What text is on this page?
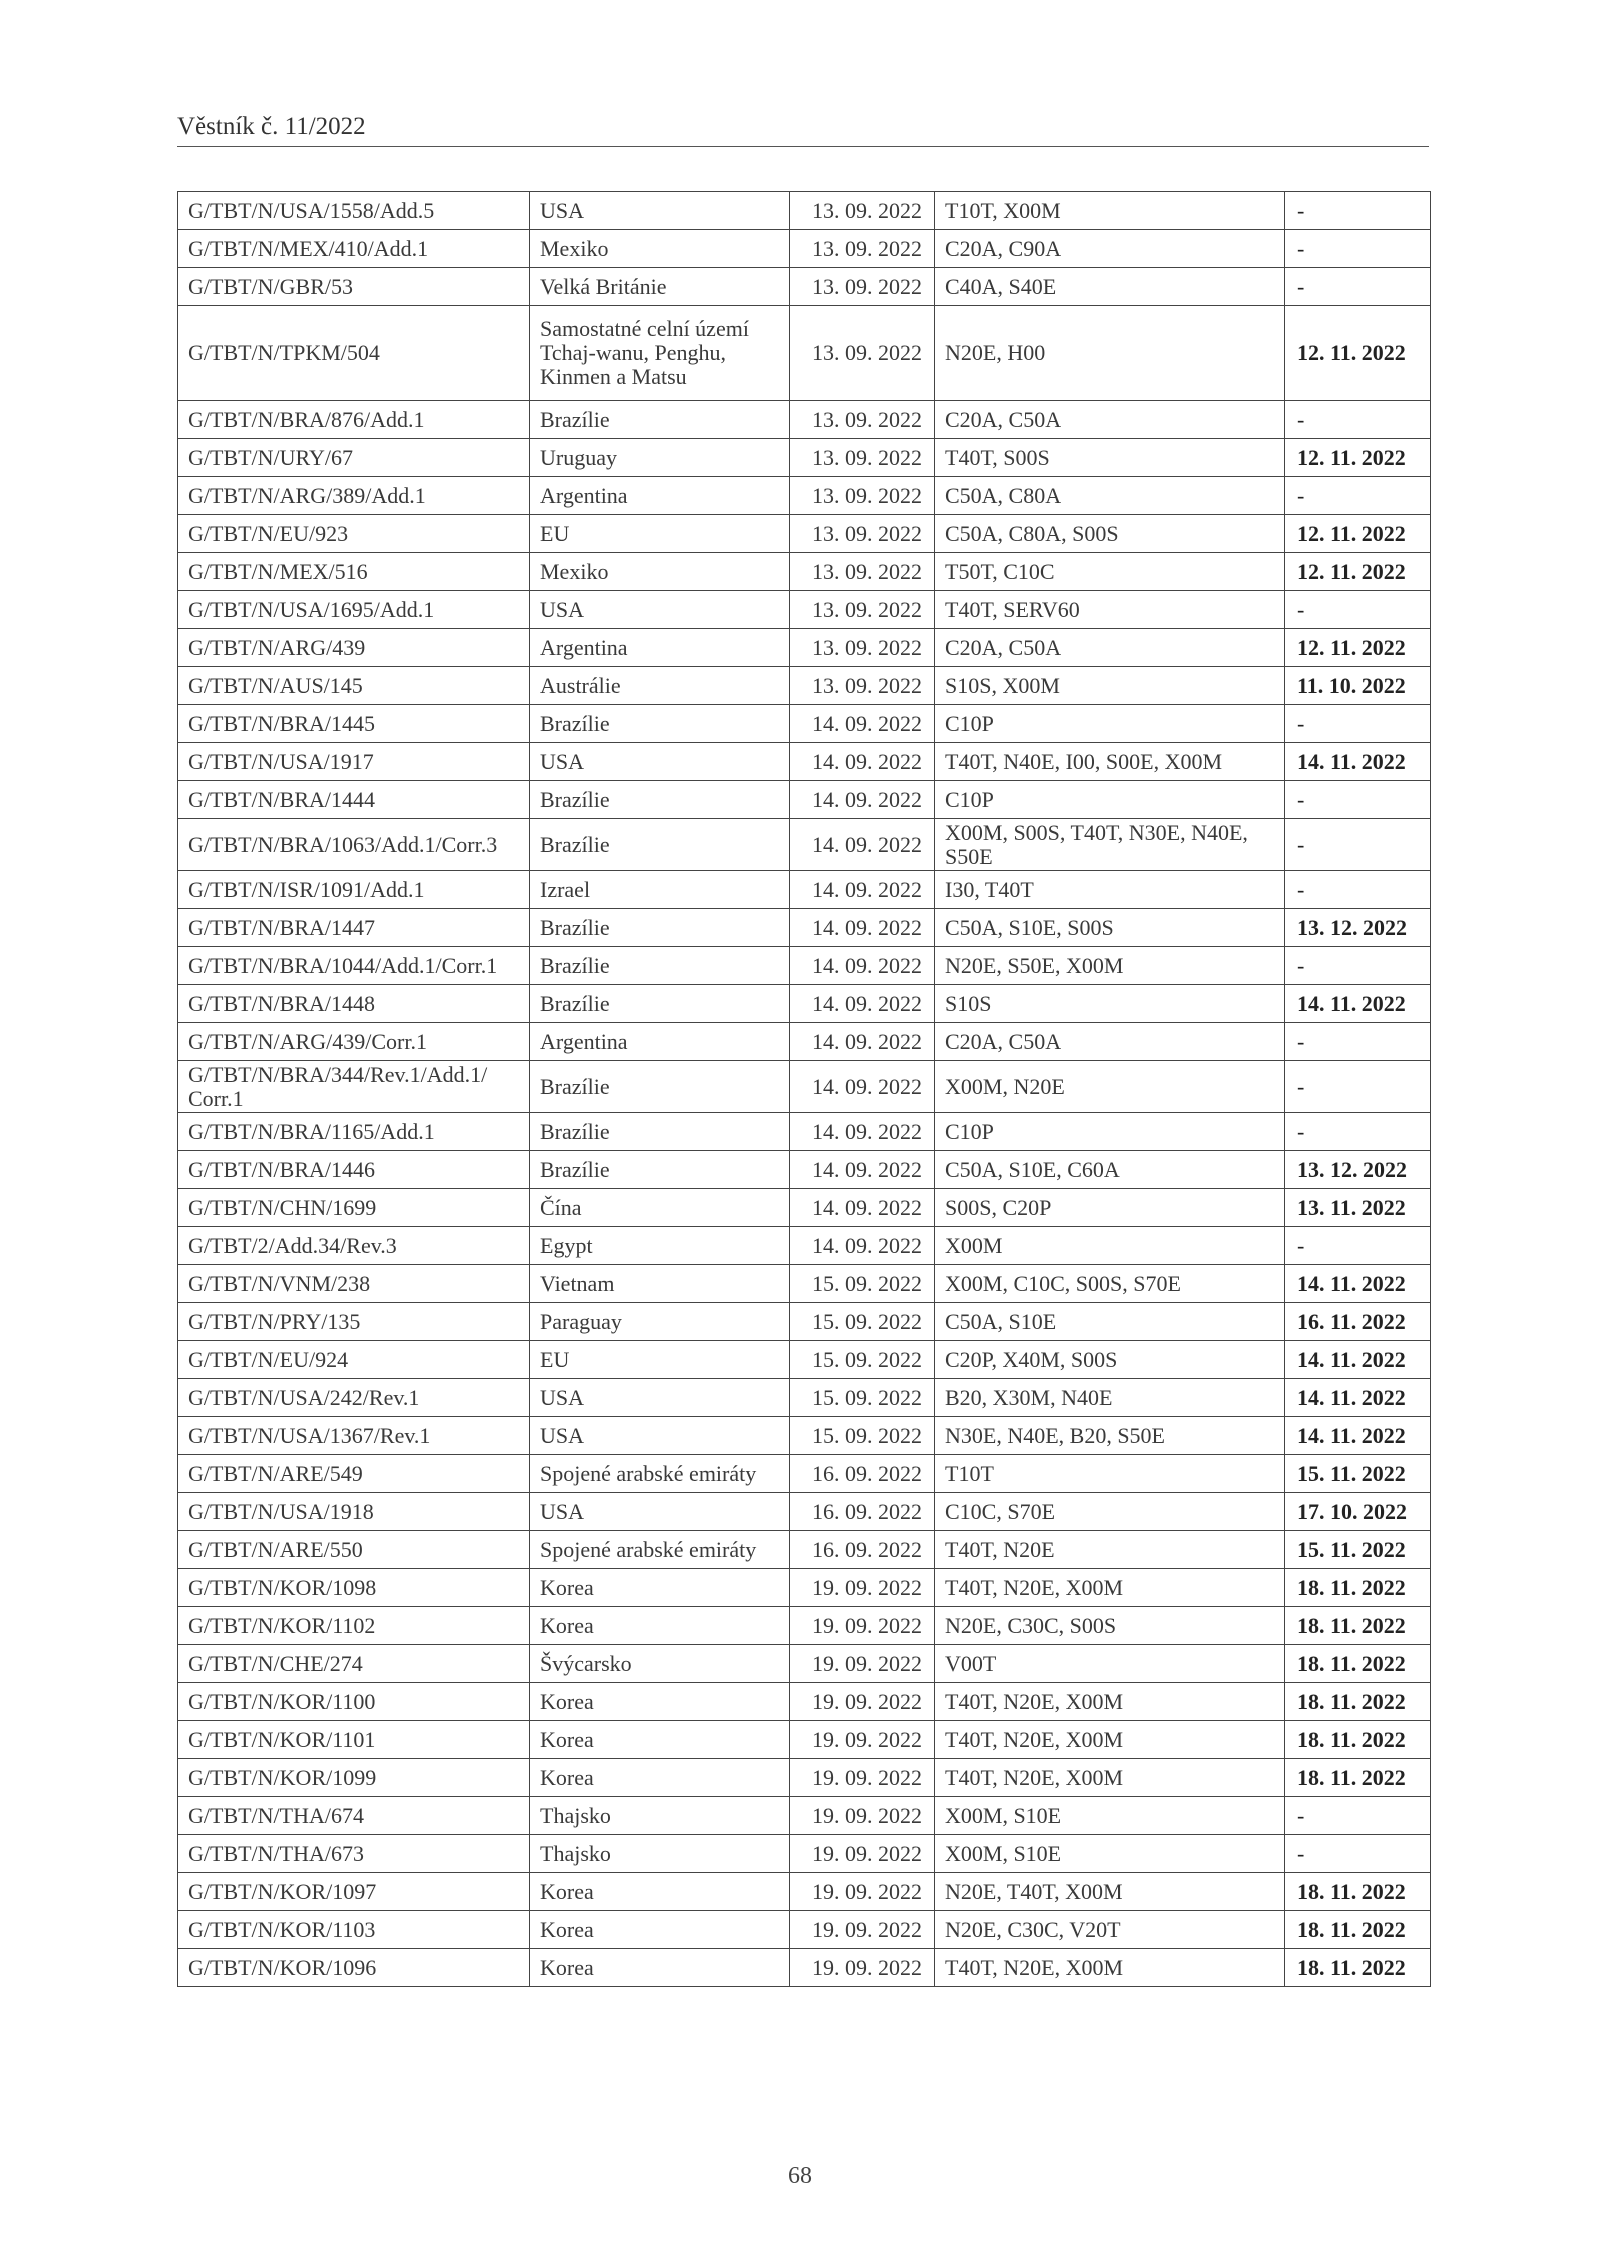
Věstník č. 11/2022
G/TBT/N/USA/1558/Add.5	USA	13. 09. 2022	T10T, X00M	-
G/TBT/N/MEX/410/Add.1	Mexiko	13. 09. 2022	C20A, C90A	-
G/TBT/N/GBR/53	Velká Británie	13. 09. 2022	C40A, S40E	-
G/TBT/N/TPKM/504	Samostatné celní území Tchaj-wanu, Penghu, Kinmen a Matsu	13. 09. 2022	N20E, H00	12. 11. 2022
G/TBT/N/BRA/876/Add.1	Brazílie	13. 09. 2022	C20A, C50A	-
G/TBT/N/URY/67	Uruguay	13. 09. 2022	T40T, S00S	12. 11. 2022
G/TBT/N/ARG/389/Add.1	Argentina	13. 09. 2022	C50A, C80A	-
G/TBT/N/EU/923	EU	13. 09. 2022	C50A, C80A, S00S	12. 11. 2022
G/TBT/N/MEX/516	Mexiko	13. 09. 2022	T50T, C10C	12. 11. 2022
G/TBT/N/USA/1695/Add.1	USA	13. 09. 2022	T40T, SERV60	-
G/TBT/N/ARG/439	Argentina	13. 09. 2022	C20A, C50A	12. 11. 2022
G/TBT/N/AUS/145	Austrálie	13. 09. 2022	S10S, X00M	11. 10. 2022
G/TBT/N/BRA/1445	Brazílie	14. 09. 2022	C10P	-
G/TBT/N/USA/1917	USA	14. 09. 2022	T40T, N40E, I00, S00E, X00M	14. 11. 2022
G/TBT/N/BRA/1444	Brazílie	14. 09. 2022	C10P	-
G/TBT/N/BRA/1063/Add.1/Corr.3	Brazílie	14. 09. 2022	X00M, S00S, T40T, N30E, N40E, S50E	-
G/TBT/N/ISR/1091/Add.1	Izrael	14. 09. 2022	I30, T40T	-
G/TBT/N/BRA/1447	Brazílie	14. 09. 2022	C50A, S10E, S00S	13. 12. 2022
G/TBT/N/BRA/1044/Add.1/Corr.1	Brazílie	14. 09. 2022	N20E, S50E, X00M	-
G/TBT/N/BRA/1448	Brazílie	14. 09. 2022	S10S	14. 11. 2022
G/TBT/N/ARG/439/Corr.1	Argentina	14. 09. 2022	C20A, C50A	-
G/TBT/N/BRA/344/Rev.1/Add.1/ Corr.1	Brazílie	14. 09. 2022	X00M, N20E	-
G/TBT/N/BRA/1165/Add.1	Brazílie	14. 09. 2022	C10P	-
G/TBT/N/BRA/1446	Brazílie	14. 09. 2022	C50A, S10E, C60A	13. 12. 2022
G/TBT/N/CHN/1699	Čína	14. 09. 2022	S00S, C20P	13. 11. 2022
G/TBT/2/Add.34/Rev.3	Egypt	14. 09. 2022	X00M	-
G/TBT/N/VNM/238	Vietnam	15. 09. 2022	X00M, C10C, S00S, S70E	14. 11. 2022
G/TBT/N/PRY/135	Paraguay	15. 09. 2022	C50A, S10E	16. 11. 2022
G/TBT/N/EU/924	EU	15. 09. 2022	C20P, X40M, S00S	14. 11. 2022
G/TBT/N/USA/242/Rev.1	USA	15. 09. 2022	B20, X30M, N40E	14. 11. 2022
G/TBT/N/USA/1367/Rev.1	USA	15. 09. 2022	N30E, N40E, B20, S50E	14. 11. 2022
G/TBT/N/ARE/549	Spojené arabské emiráty	16. 09. 2022	T10T	15. 11. 2022
G/TBT/N/USA/1918	USA	16. 09. 2022	C10C, S70E	17. 10. 2022
G/TBT/N/ARE/550	Spojené arabské emiráty	16. 09. 2022	T40T, N20E	15. 11. 2022
G/TBT/N/KOR/1098	Korea	19. 09. 2022	T40T, N20E, X00M	18. 11. 2022
G/TBT/N/KOR/1102	Korea	19. 09. 2022	N20E, C30C, S00S	18. 11. 2022
G/TBT/N/CHE/274	Švýcarsko	19. 09. 2022	V00T	18. 11. 2022
G/TBT/N/KOR/1100	Korea	19. 09. 2022	T40T, N20E, X00M	18. 11. 2022
G/TBT/N/KOR/1101	Korea	19. 09. 2022	T40T, N20E, X00M	18. 11. 2022
G/TBT/N/KOR/1099	Korea	19. 09. 2022	T40T, N20E, X00M	18. 11. 2022
G/TBT/N/THA/674	Thajsko	19. 09. 2022	X00M, S10E	-
G/TBT/N/THA/673	Thajsko	19. 09. 2022	X00M, S10E	-
G/TBT/N/KOR/1097	Korea	19. 09. 2022	N20E, T40T, X00M	18. 11. 2022
G/TBT/N/KOR/1103	Korea	19. 09. 2022	N20E, C30C, V20T	18. 11. 2022
G/TBT/N/KOR/1096	Korea	19. 09. 2022	T40T, N20E, X00M	18. 11. 2022
68
